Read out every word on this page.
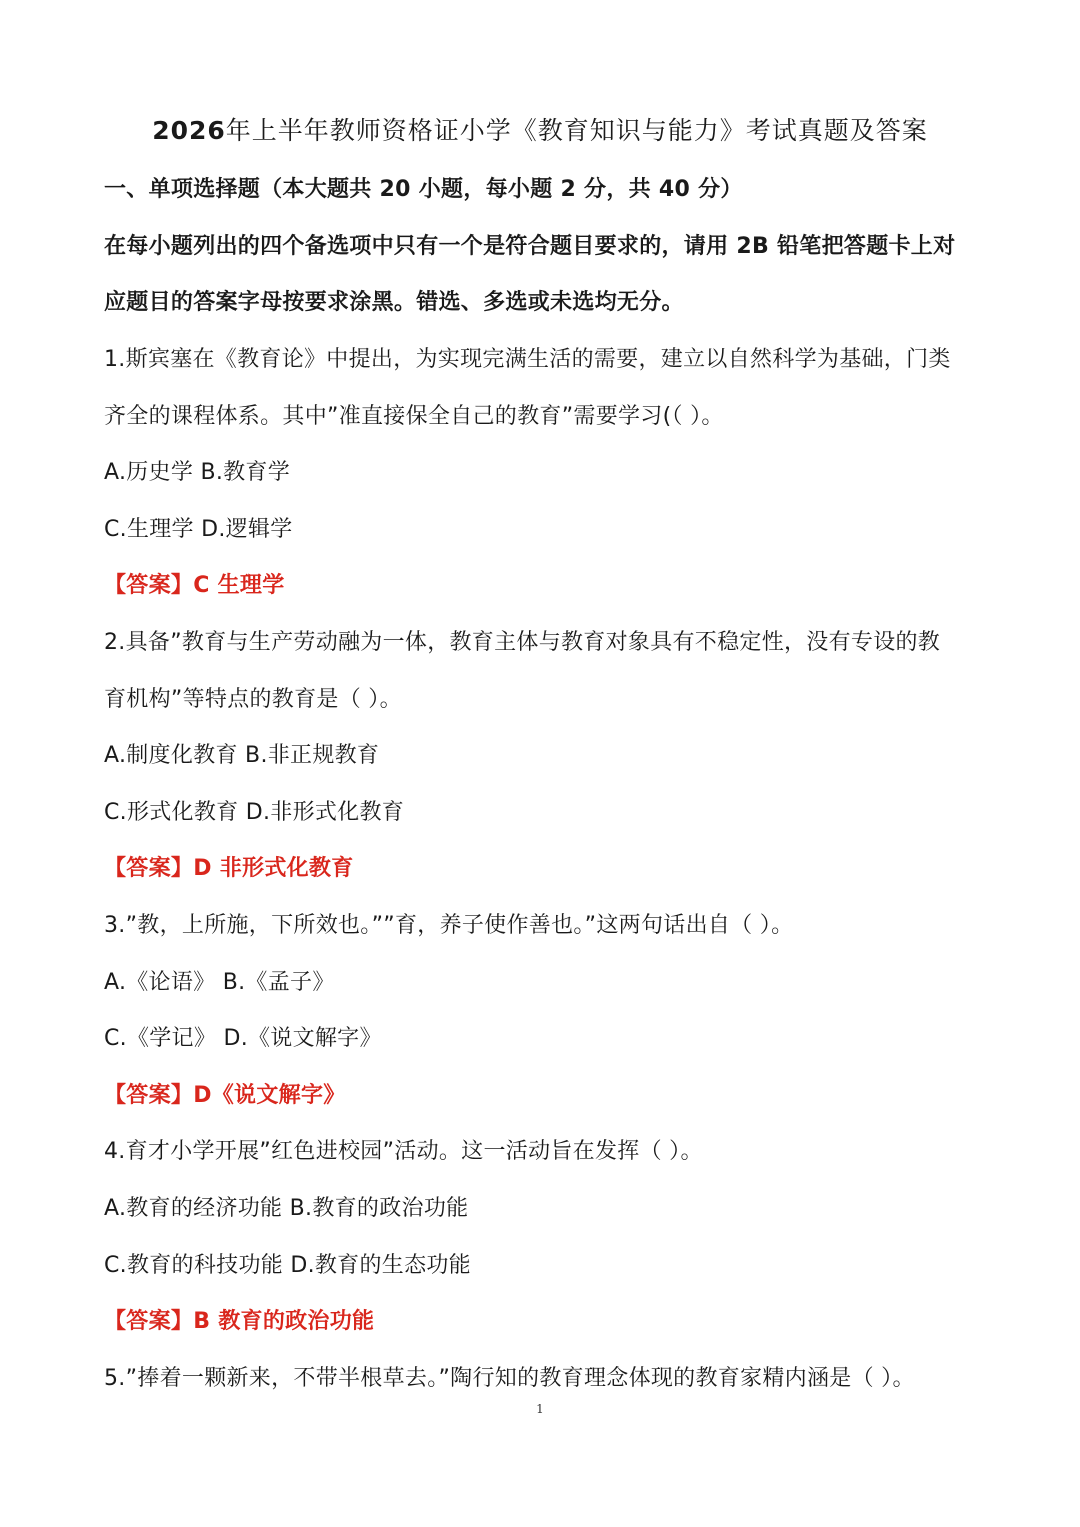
2026年上半年教师资格证小学《教育知识与能力》考试真题及答案
一、单项选择题（本大题共 20 小题，每小题 2 分，共 40 分）
在每小题列出的四个备选项中只有一个是符合题目要求的，请用 2B 铅笔把答题卡上对
应题目的答案字母按要求涂黑。错选、多选或未选均无分。
1.斯宾塞在《教育论》中提出，为实现完满生活的需要，建立以自然科学为基础，门类
齐全的课程体系。其中”准直接保全自己的教育”需要学习(（ ）。
A.历史学 B.教育学
C.生理学 D.逻辑学
【答案】C 生理学
2.具备”教育与生产劳动融为一体，教育主体与教育对象具有不稳定性，没有专设的教
育机构”等特点的教育是（ ）。
A.制度化教育 B.非正规教育
C.形式化教育 D.非形式化教育
【答案】D 非形式化教育
3.”教，上所施，下所效也。””育，养子使作善也。”这两句话出自（ ）。
A.《论语》 B.《孟子》
C.《学记》 D.《说文解字》
【答案】D《说文解字》
4.育才小学开展”红色进校园”活动。这一活动旨在发挥（ ）。
A.教育的经济功能 B.教育的政治功能
C.教育的科技功能 D.教育的生态功能
【答案】B 教育的政治功能
5.”捧着一颗新来，不带半根草去。”陶行知的教育理念体现的教育家精内涵是（ ）。
1
